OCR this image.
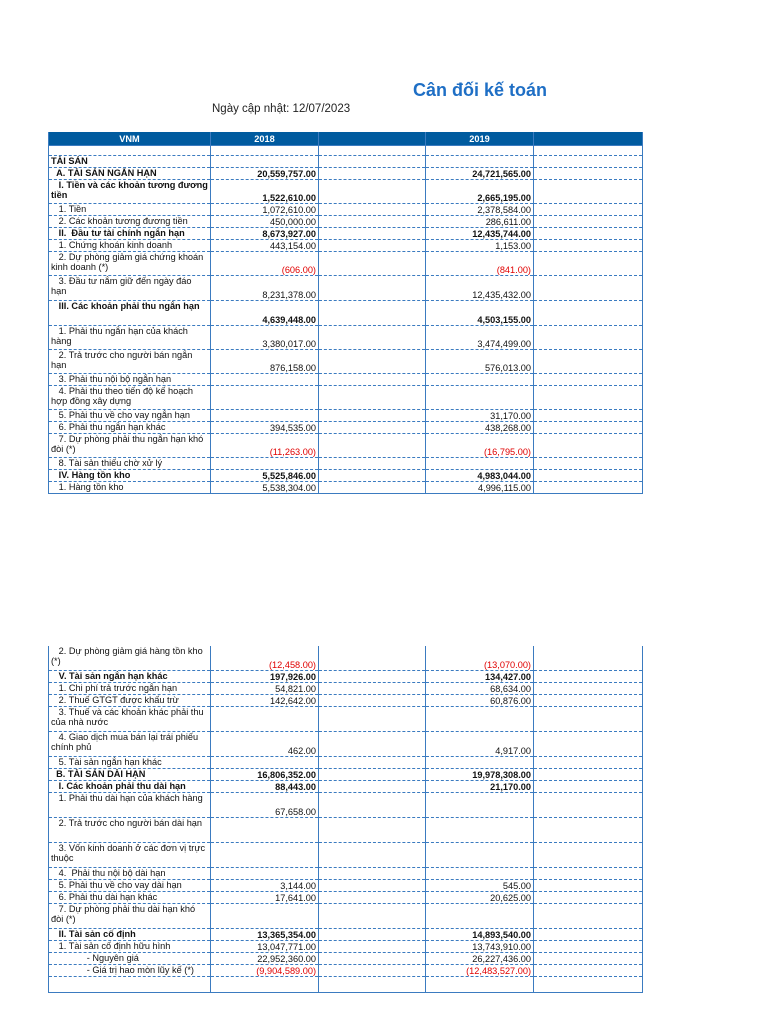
Cân đối kế toán
Ngày cập nhật: 12/07/2023
VNM	2018		2019	

TÀI SẢN				
A. TÀI SẢN NGẮN HẠN	20,559,757.00		24,721,565.00	
I. Tiền và các khoản tương đương tiền	1,522,610.00		2,665,195.00	
1. Tiền	1,072,610.00		2,378,584.00	
2. Các khoản tương đương tiền	450,000.00		286,611.00	
II.  Đầu tư tài chính ngắn hạn	8,673,927.00		12,435,744.00	
1. Chứng khoán kinh doanh	443,154.00		1,153.00	
2. Dự phòng giảm giá chứng khoán kinh doanh (*)	(606.00)		(841.00)	
3. Đầu tư nắm giữ đến ngày đáo hạn	8,231,378.00		12,435,432.00	
III. Các khoản phải thu ngắn hạn	4,639,448.00		4,503,155.00	
1. Phải thu ngắn hạn của khách hàng	3,380,017.00		3,474,499.00	
2. Trả trước cho người bán ngắn hạn	876,158.00		576,013.00	
3. Phải thu nội bộ ngắn hạn				
4. Phải thu theo tiến độ kế hoạch hợp đồng xây dựng				
5. Phải thu về cho vay ngắn hạn			31,170.00	
6. Phải thu ngắn hạn khác	394,535.00		438,268.00	
7. Dự phòng phải thu ngắn hạn khó đòi (*)	(11,263.00)		(16,795.00)	
8. Tài sản thiếu chờ xử lý				
IV. Hàng tồn kho	5,525,846.00		4,983,044.00	
1. Hàng tồn kho	5,538,304.00		4,996,115.00	
2. Dự phòng giảm giá hàng tồn kho (*)	(12,458.00)		(13,070.00)	
V. Tài sản ngắn hạn khác	197,926.00		134,427.00	
1. Chi phí trả trước ngắn hạn	54,821.00		68,634.00	
2. Thuế GTGT được khấu trừ	142,642.00		60,876.00	
3. Thuế và các khoản khác phải thu của nhà nước				
4. Giao dịch mua bán lại trái phiếu chính phủ	462.00		4,917.00	
5. Tài sản ngắn hạn khác				
B. TÀI SẢN DÀI HẠN	16,806,352.00		19,978,308.00	
I. Các khoản phải thu dài hạn	88,443.00		21,170.00	
1. Phải thu dài hạn của khách hàng	67,658.00			
2. Trả trước cho người bán dài hạn				
3. Vốn kinh doanh ở các đơn vị trực thuộc				
4.  Phải thu nội bộ dài hạn				
5. Phải thu về cho vay dài hạn	3,144.00		545.00	
6. Phải thu dài hạn khác	17,641.00		20,625.00	
7. Dự phòng phải thu dài hạn khó đòi (*)				
II. Tài sản cố định	13,365,354.00		14,893,540.00	
1. Tài sản cố định hữu hình	13,047,771.00		13,743,910.00	
- Nguyên giá	22,952,360.00		26,227,436.00	
- Giá trị hao mòn lũy kế (*)	(9,904,589.00)		(12,483,527.00)	
